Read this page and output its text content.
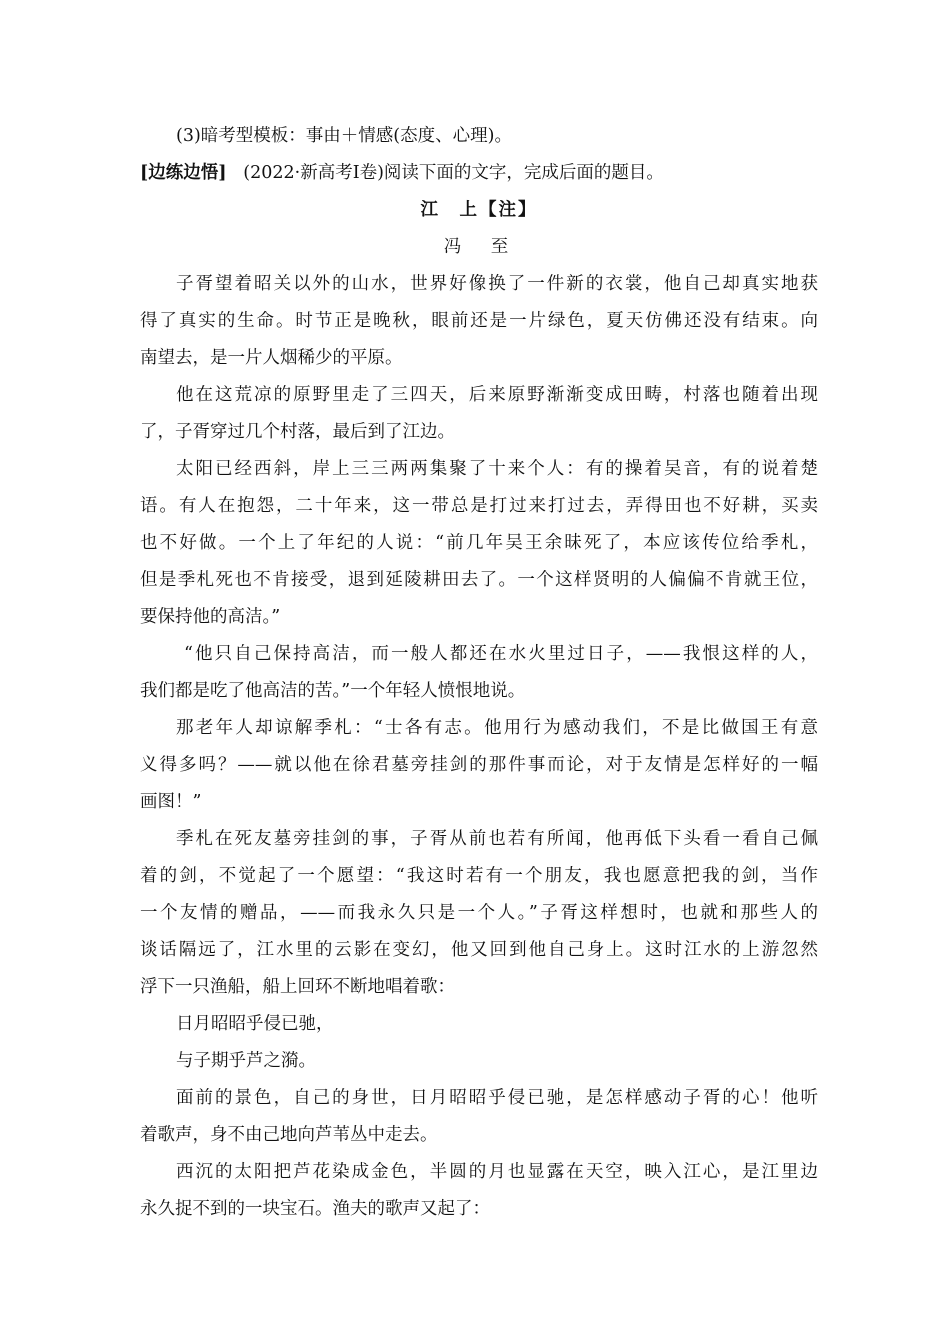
(3)暗考型模板：事由＋情感(态度、心理)。
[边练边悟] (2022·新高考Ⅰ卷)阅读下面的文字，完成后面的题目。
江　上【注】
冯　至
子胥望着昭关以外的山水，世界好像换了一件新的衣裳，他自己却真实地获
得了真实的生命。时节正是晚秋，眼前还是一片绿色，夏天仿佛还没有结束。向
南望去，是一片人烟稀少的平原。
他在这荒凉的原野里走了三四天，后来原野渐渐变成田畴，村落也随着出现
了，子胥穿过几个村落，最后到了江边。
太阳已经西斜，岸上三三两两集聚了十来个人：有的操着吴音，有的说着楚
语。有人在抱怨，二十年来，这一带总是打过来打过去，弄得田也不好耕，买卖
也不好做。一个上了年纪的人说：“前几年吴王余昧死了，本应该传位给季札，
但是季札死也不肯接受，退到延陵耕田去了。一个这样贤明的人偏偏不肯就王位，
要保持他的高洁。”
“他只自己保持高洁，而一般人都还在水火里过日子，——我恨这样的人，
我们都是吃了他高洁的苦。”一个年轻人愤恨地说。
那老年人却谅解季札：“士各有志。他用行为感动我们，不是比做国王有意
义得多吗？——就以他在徐君墓旁挂剑的那件事而论，对于友情是怎样好的一幅
画图！”
季札在死友墓旁挂剑的事，子胥从前也若有所闻，他再低下头看一看自己佩
着的剑，不觉起了一个愿望：“我这时若有一个朋友，我也愿意把我的剑，当作
一个友情的赠品，——而我永久只是一个人。”子胥这样想时，也就和那些人的
谈话隔远了，江水里的云影在变幻，他又回到他自己身上。这时江水的上游忽然
浮下一只渔船，船上回环不断地唱着歌：
日月昭昭乎侵已驰，
与子期乎芦之漪。
面前的景色，自己的身世，日月昭昭乎侵已驰，是怎样感动子胥的心！他听
着歌声，身不由己地向芦苇丛中走去。
西沉的太阳把芦花染成金色，半圆的月也显露在天空，映入江心，是江里边
永久捉不到的一块宝石。渔夫的歌声又起了：
